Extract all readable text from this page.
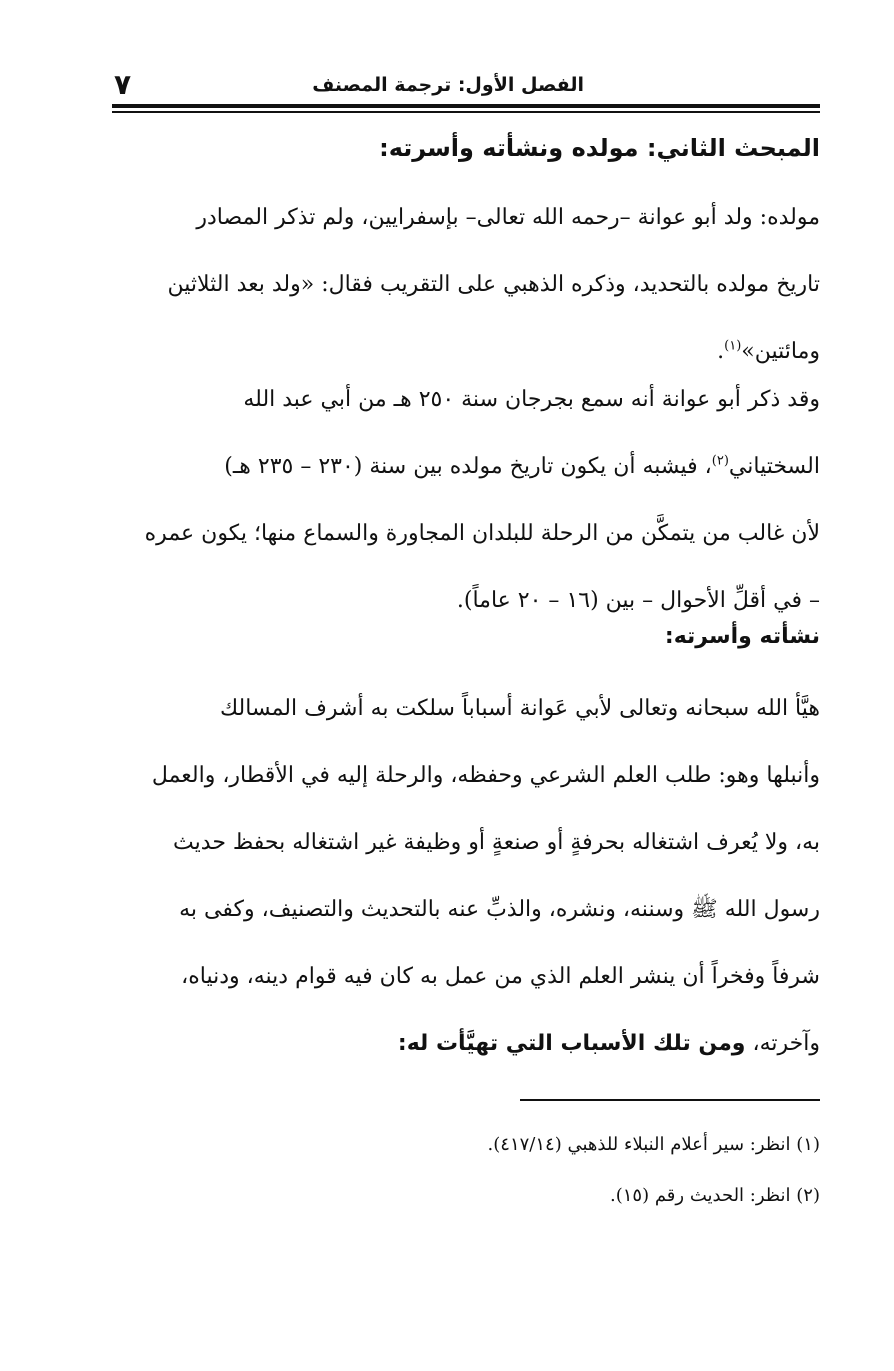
الفصل الأول: ترجمة المصنف
٧
المبحث الثاني: مولده ونشأته وأسرته:
مولده: ولد أبو عوانة –رحمه الله تعالى– بإسفرايين، ولم تذكر المصادر
تاريخ مولده بالتحديد، وذكره الذهبي على التقريب فقال: «ولد بعد الثلاثين
ومائتين»$^{(١)}$.
وقد ذكر أبو عوانة أنه سمع بجرجان سنة ٢٥٠ هـ من أبي عبد الله
السختياني$^{(٢)}$، فيشبه أن يكون تاريخ مولده بين سنة (٢٣٠ – ٢٣٥ هـ)
لأن غالب من يتمكَّن من الرحلة للبلدان المجاورة والسماع منها؛ يكون عمره
– في أقلِّ الأحوال – بين (١٦ – ٢٠ عاماً).
نشأته وأسرته:
هيَّأ الله سبحانه وتعالى لأبي عَوانة أسباباً سلكت به أشرف المسالك
وأنبلها وهو: طلب العلم الشرعي وحفظه، والرحلة إليه في الأقطار، والعمل
به، ولا يُعرف اشتغاله بحرفةٍ أو صنعةٍ أو وظيفة غير اشتغاله بحفظ حديث
رسول الله ﷺ وسننه، ونشره، والذبِّ عنه بالتحديث والتصنيف، وكفى به
شرفاً وفخراً أن ينشر العلم الذي من عمل به كان فيه قوام دينه، ودنياه،
وآخرته، ومن تلك الأسباب التي تهيَّأت له:
(١) انظر: سير أعلام النبلاء للذهبي (٤١٧/١٤).
(٢) انظر: الحديث رقم (١٥).
